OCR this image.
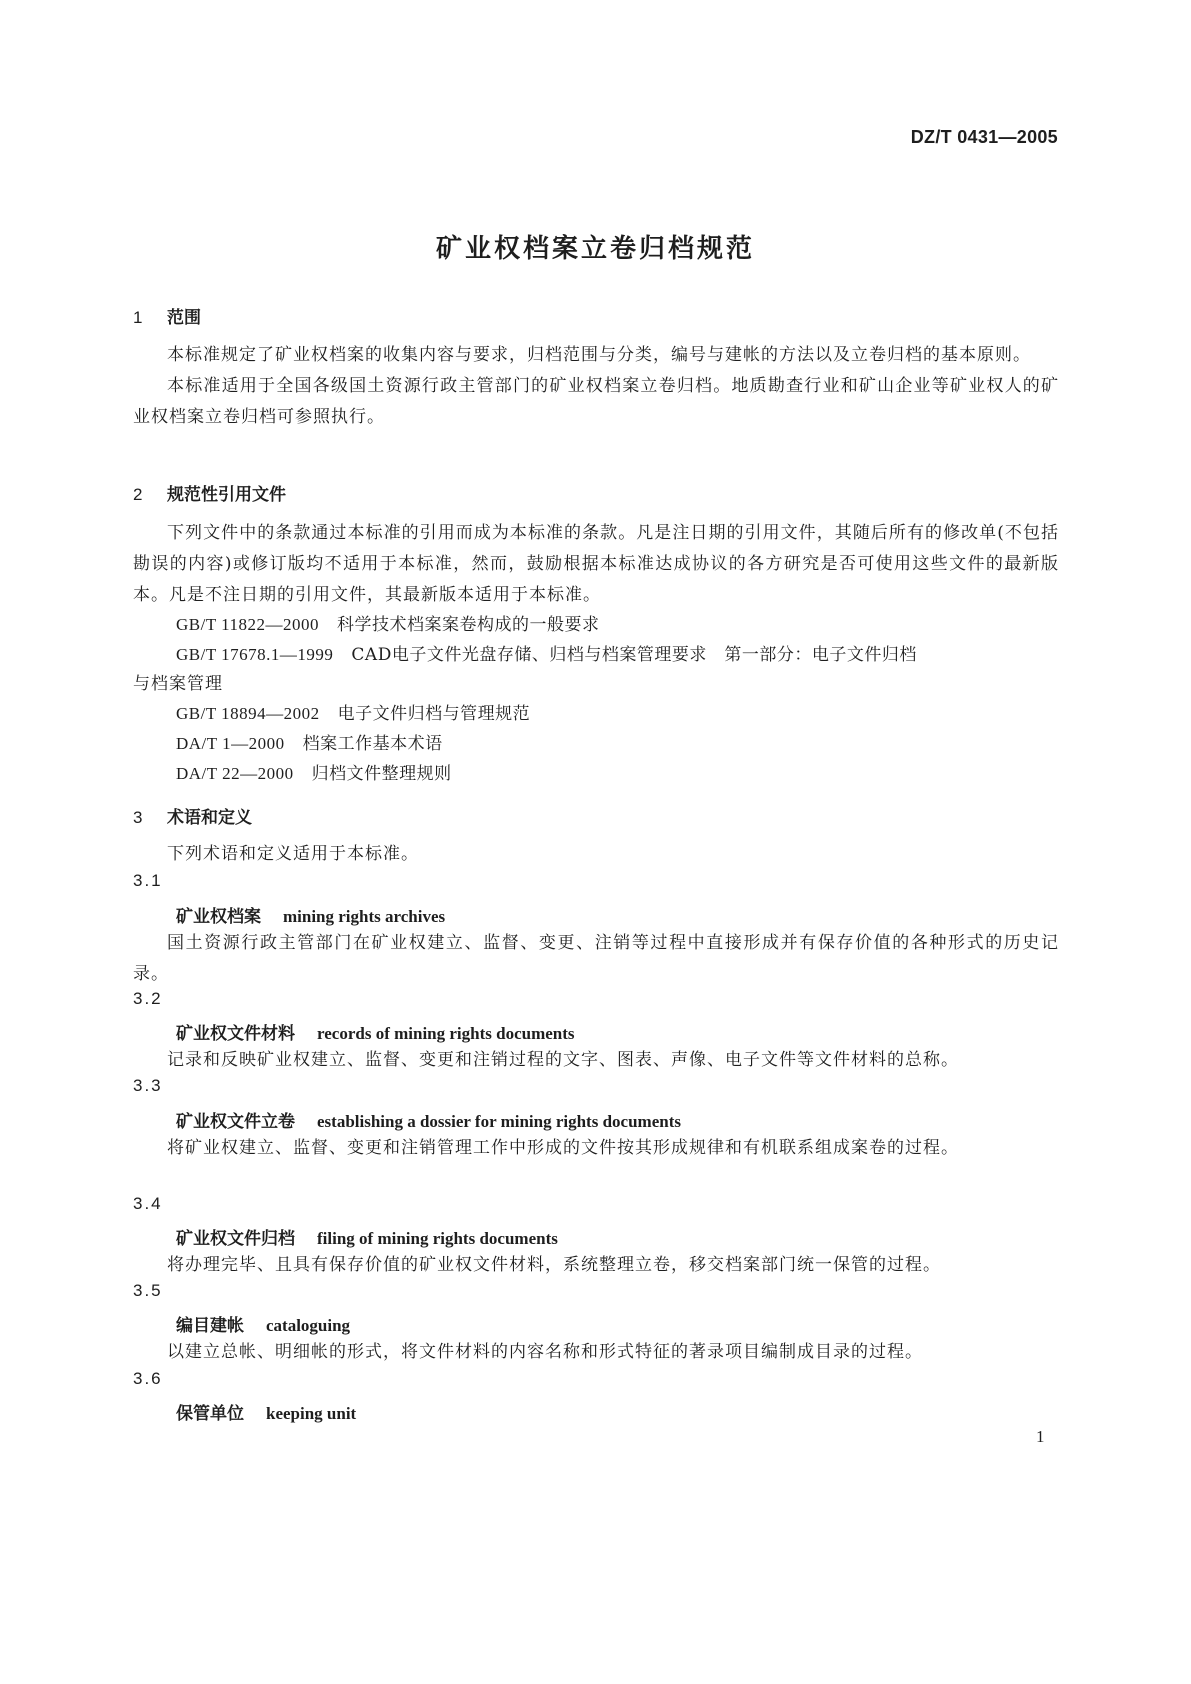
DZ/T 0431—2005
矿业权档案立卷归档规范
1 范围

本标准规定了矿业权档案的收集内容与要求，归档范围与分类，编号与建帐的方法以及立卷归档的基本原则。

本标准适用于全国各级国土资源行政主管部门的矿业权档案立卷归档。地质勘查行业和矿山企业等矿业权人的矿业权档案立卷归档可参照执行。

2 规范性引用文件

下列文件中的条款通过本标准的引用而成为本标准的条款。凡是注日期的引用文件，其随后所有的修改单(不包括勘误的内容)或修订版均不适用于本标准，然而，鼓励根据本标准达成协议的各方研究是否可使用这些文件的最新版本。凡是不注日期的引用文件，其最新版本适用于本标准。

GB/T 11822—2000 科学技术档案案卷构成的一般要求
GB/T 17678.1—1999 CAD电子文件光盘存储、归档与档案管理要求　第一部分：电子文件归档
与档案管理
GB/T 18894—2002 电子文件归档与管理规范
DA/T 1—2000 档案工作基本术语
DA/T 22—2000 归档文件整理规则
3 术语和定义

下列术语和定义适用于本标准。

3.1
矿业权档案 mining rights archives

国土资源行政主管部门在矿业权建立、监督、变更、注销等过程中直接形成并有保存价值的各种形式的历史记录。

3.2
矿业权文件材料 records of mining rights documents

记录和反映矿业权建立、监督、变更和注销过程的文字、图表、声像、电子文件等文件材料的总称。

3.3
矿业权文件立卷 establishing a dossier for mining rights documents

将矿业权建立、监督、变更和注销管理工作中形成的文件按其形成规律和有机联系组成案卷的过程。

3.4
矿业权文件归档 filing of mining rights documents

将办理完毕、且具有保存价值的矿业权文件材料，系统整理立卷，移交档案部门统一保管的过程。

3.5
编目建帐 cataloguing

以建立总帐、明细帐的形式，将文件材料的内容名称和形式特征的著录项目编制成目录的过程。

3.6
保管单位 keeping unit
1
